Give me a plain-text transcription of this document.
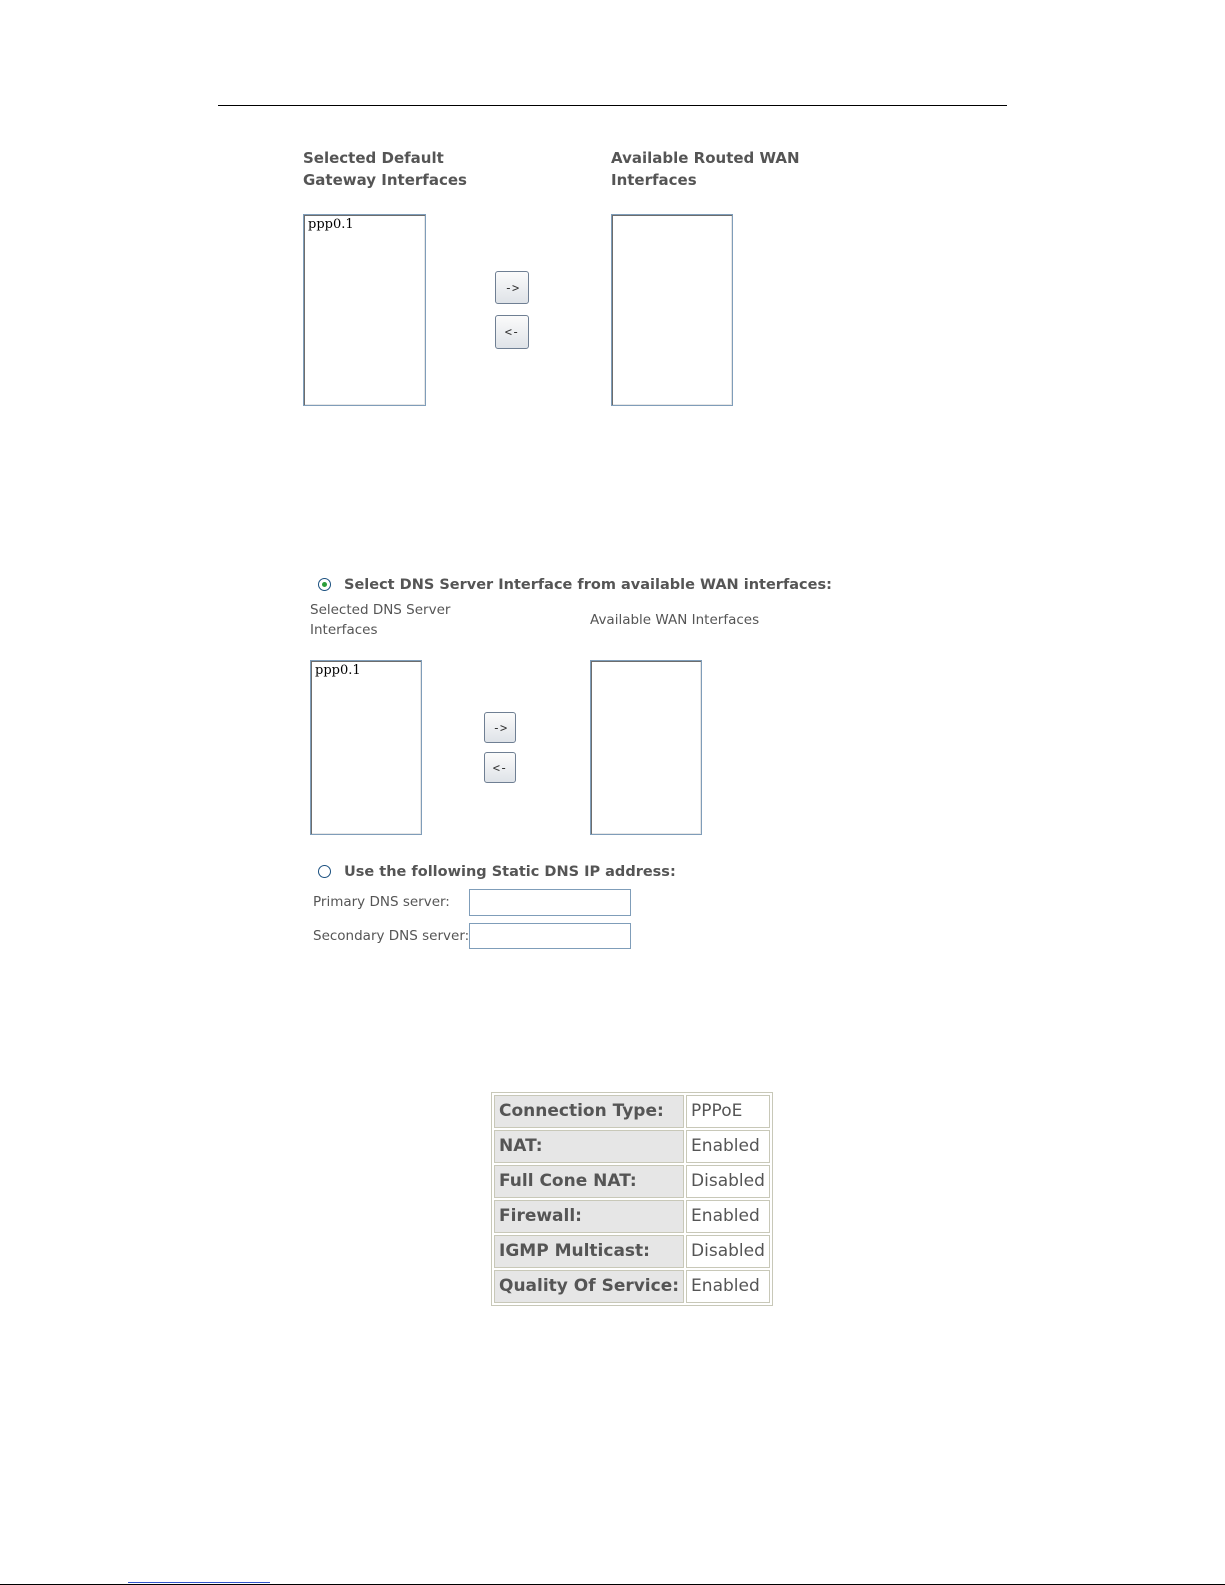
Selected Default
Gateway Interfaces
Available Routed WAN
Interfaces
ppp0.1
->
<-
Select DNS Server Interface from available WAN interfaces:
Selected DNS Server
Interfaces
Available WAN Interfaces
ppp0.1
->
<-
Use the following Static DNS IP address:
Primary DNS server:
Secondary DNS server:
Connection Type:	PPPoE
NAT:	Enabled
Full Cone NAT:	Disabled
Firewall:	Enabled
IGMP Multicast:	Disabled
Quality Of Service:	Enabled
